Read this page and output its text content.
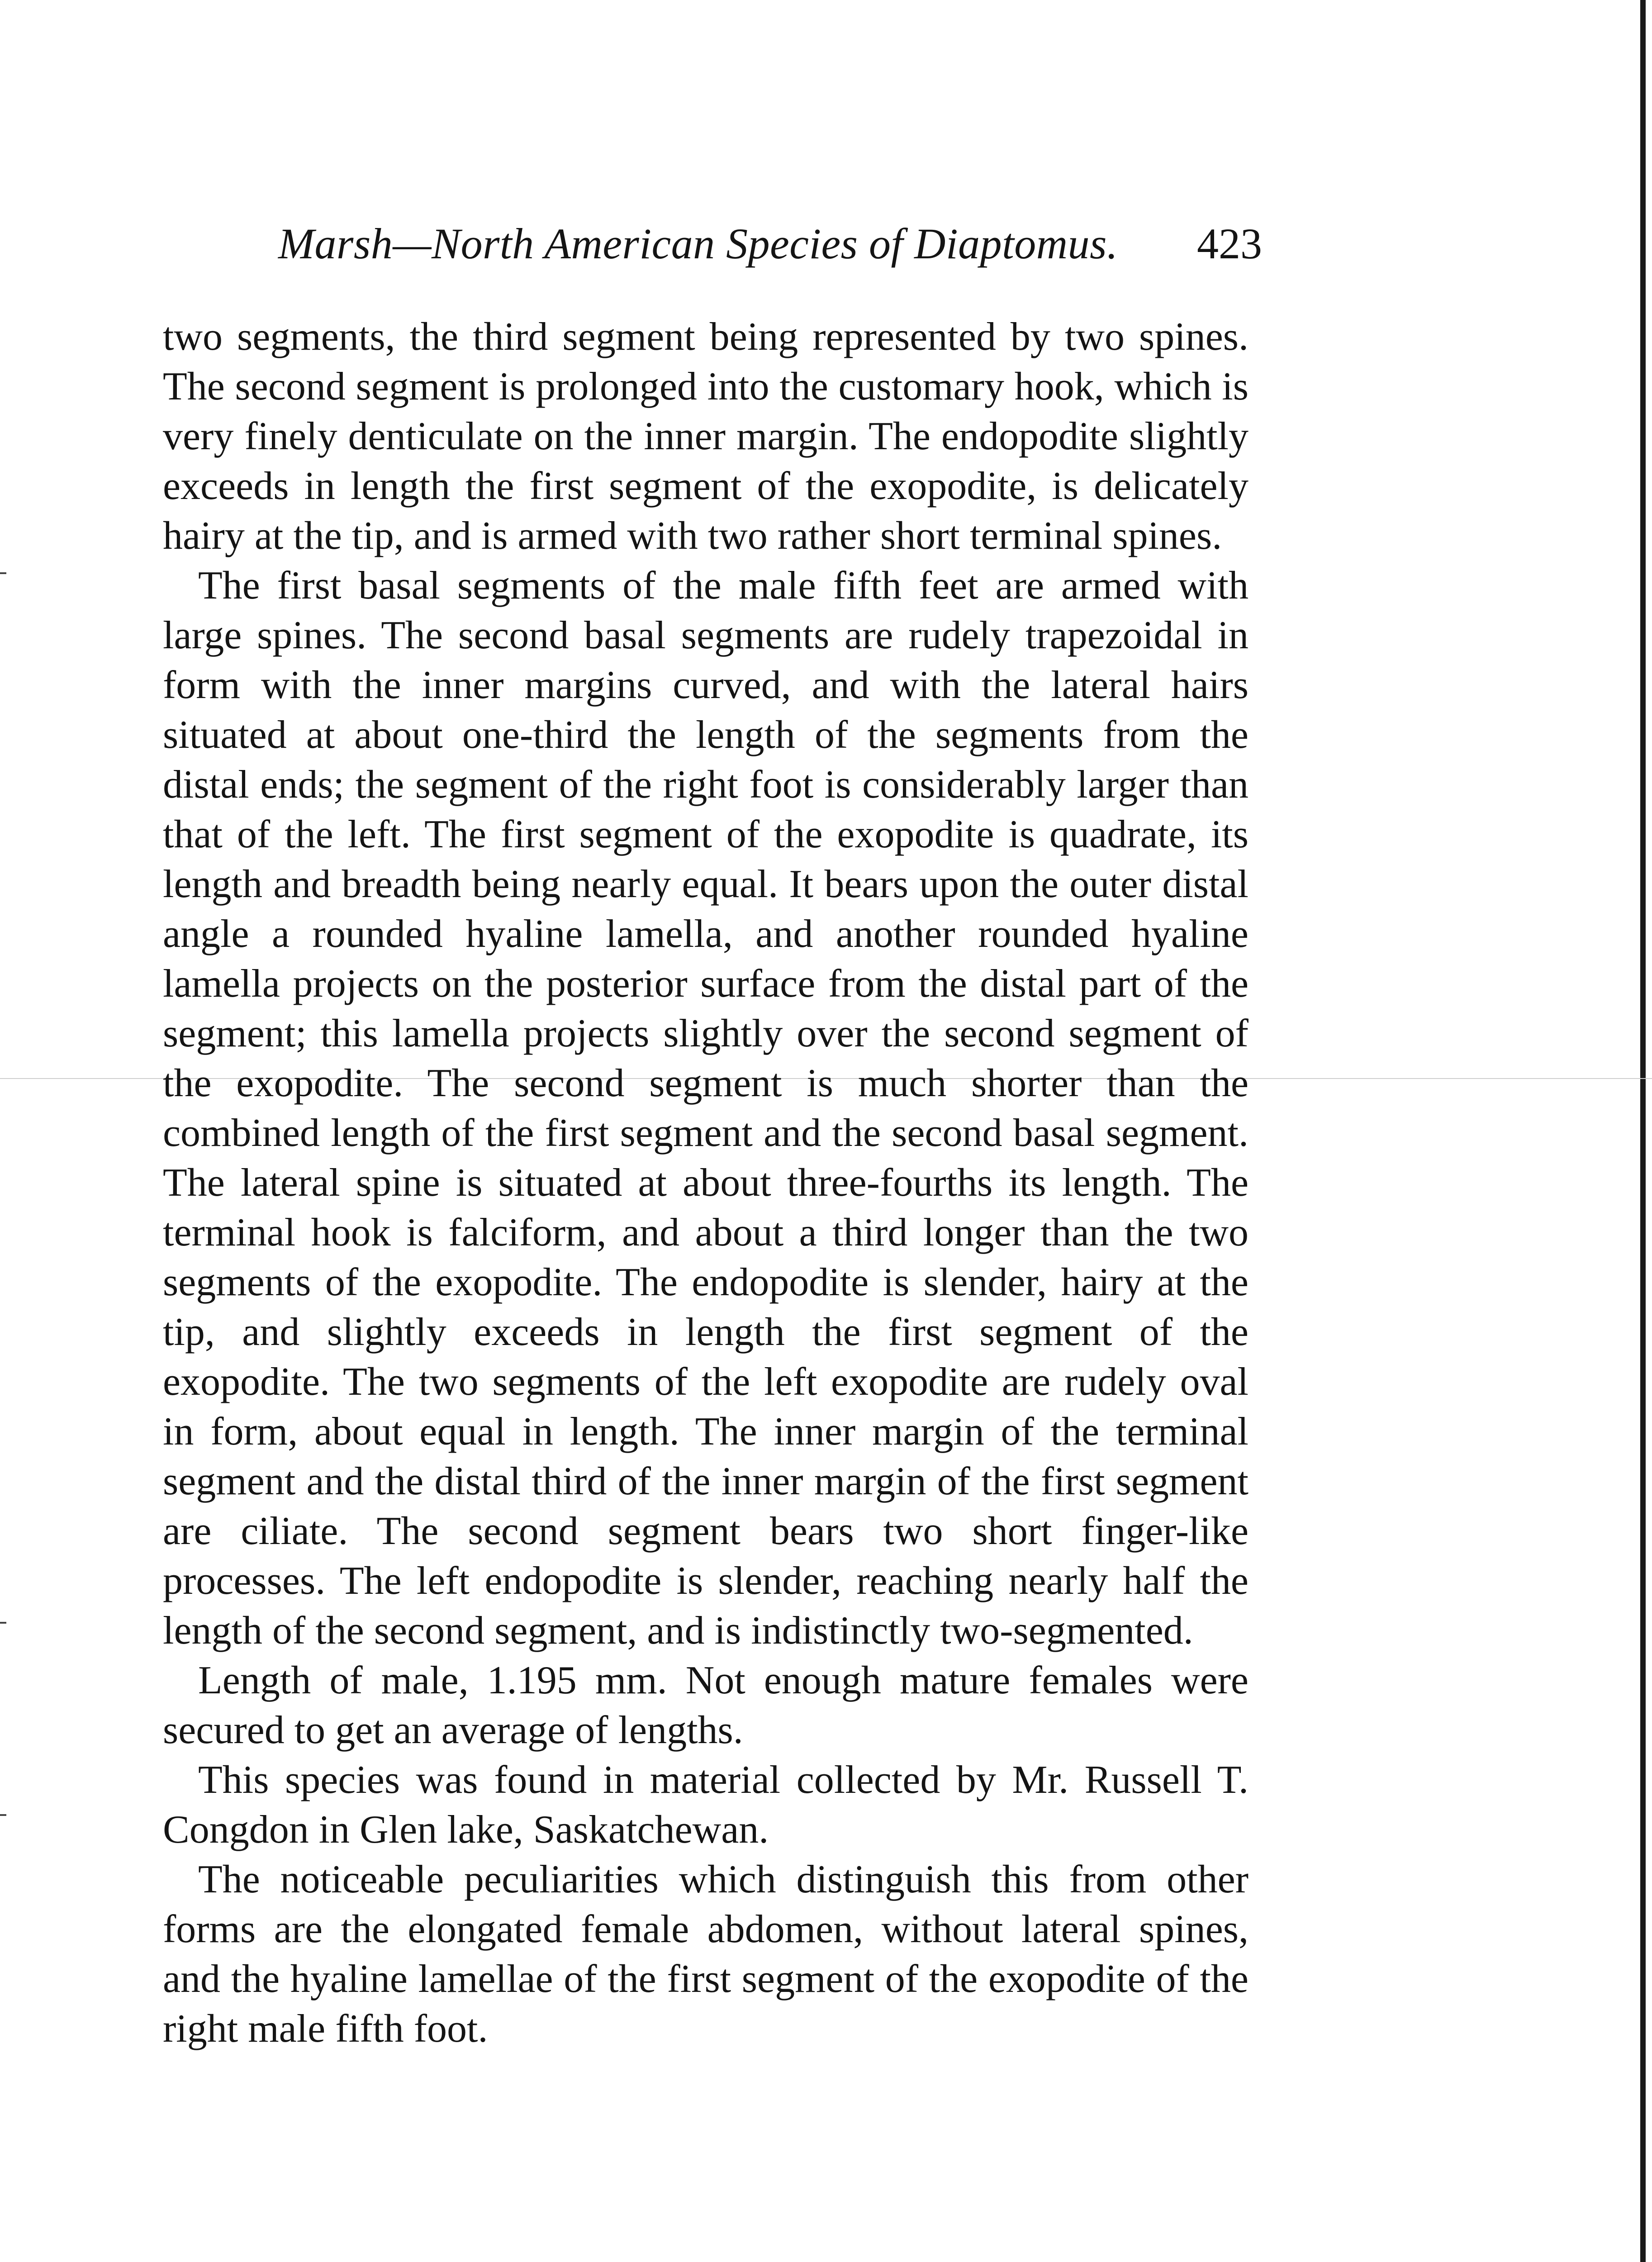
Marsh—North American Species of Diaptomus. 423

two segments, the third segment being represented by two spines. The second segment is prolonged into the customary hook, which is very finely denticulate on the inner margin. The endopodite slightly exceeds in length the first segment of the exopodite, is delicately hairy at the tip, and is armed with two rather short terminal spines.

The first basal segments of the male fifth feet are armed with large spines. The second basal segments are rudely trapezoidal in form with the inner margins curved, and with the lateral hairs situated at about one-third the length of the segments from the distal ends; the segment of the right foot is considerably larger than that of the left. The first segment of the exopodite is quadrate, its length and breadth being nearly equal. It bears upon the outer distal angle a rounded hyaline lamella, and another rounded hyaline lamella projects on the posterior surface from the distal part of the segment; this lamella projects slightly over the second segment of the exopodite. The second segment is much shorter than the combined length of the first segment and the second basal segment. The lateral spine is situated at about three-fourths its length. The terminal hook is falciform, and about a third longer than the two segments of the exopodite. The endopodite is slender, hairy at the tip, and slightly exceeds in length the first segment of the exopodite. The two segments of the left exopodite are rudely oval in form, about equal in length. The inner margin of the terminal segment and the distal third of the inner margin of the first segment are ciliate. The second segment bears two short finger-like processes. The left endopodite is slender, reaching nearly half the length of the second segment, and is indistinctly two-segmented.

Length of male, 1.195 mm. Not enough mature females were secured to get an average of lengths.

This species was found in material collected by Mr. Russell T. Congdon in Glen lake, Saskatchewan.

The noticeable peculiarities which distinguish this from other forms are the elongated female abdomen, without lateral spines, and the hyaline lamellae of the first segment of the exopodite of the right male fifth foot.
